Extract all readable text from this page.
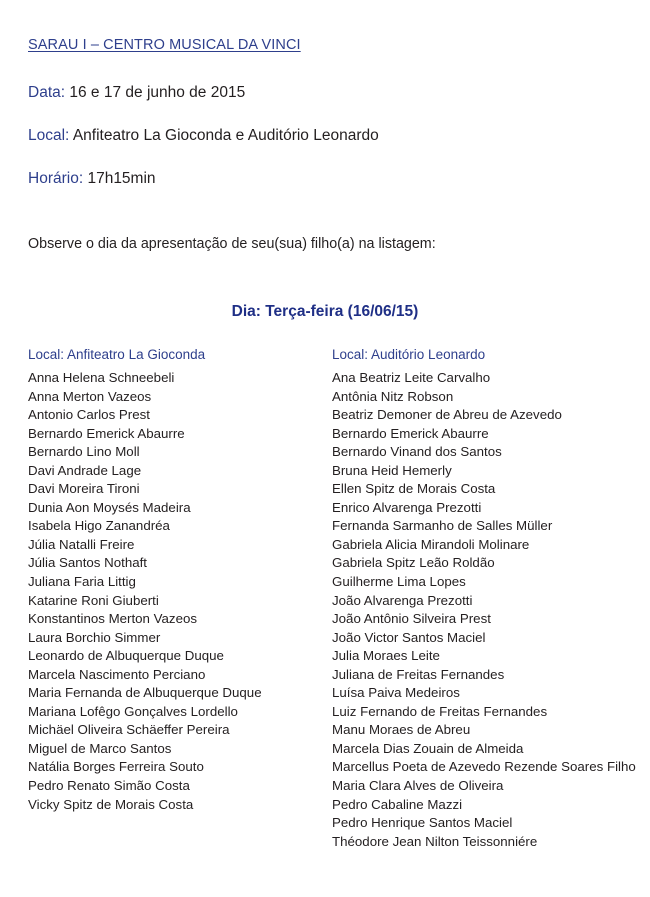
SARAU I – CENTRO MUSICAL DA VINCI
Data: 16 e 17 de junho de 2015
Local: Anfiteatro La Gioconda e Auditório Leonardo
Horário: 17h15min
Observe o dia da apresentação de seu(sua) filho(a) na listagem:
Dia: Terça-feira (16/06/15)
Local: Anfiteatro La Gioconda	Local: Auditório Leonardo
Anna Helena Schneebeli
Anna Merton Vazeos
Antonio Carlos Prest
Bernardo Emerick Abaurre
Bernardo Lino Moll
Davi Andrade Lage
Davi Moreira Tironi
Dunia Aon Moysés Madeira
Isabela Higo Zanandréa
Júlia Natalli Freire
Júlia Santos Nothaft
Juliana Faria Littig
Katarine Roni Giuberti
Konstantinos Merton Vazeos
Laura Borchio Simmer
Leonardo de Albuquerque Duque
Marcela Nascimento Perciano
Maria Fernanda de Albuquerque Duque
Mariana Lofêgo Gonçalves Lordello
Michäel Oliveira Schäeffer Pereira
Miguel de Marco Santos
Natália Borges Ferreira Souto
Pedro Renato Simão Costa
Vicky Spitz de Morais Costa
Ana Beatriz Leite Carvalho
Antônia Nitz Robson
Beatriz Demoner de Abreu de Azevedo
Bernardo Emerick Abaurre
Bernardo Vinand dos Santos
Bruna Heid Hemerly
Ellen Spitz de Morais Costa
Enrico Alvarenga Prezotti
Fernanda Sarmanho de Salles Müller
Gabriela Alicia Mirandoli Molinare
Gabriela Spitz Leão Roldão
Guilherme Lima Lopes
João Alvarenga Prezotti
João Antônio Silveira Prest
João Victor Santos Maciel
Julia Moraes Leite
Juliana de Freitas Fernandes
Luísa Paiva Medeiros
Luiz Fernando de Freitas Fernandes
Manu Moraes de Abreu
Marcela Dias Zouain de Almeida
Marcellus Poeta de Azevedo Rezende Soares Filho
Maria Clara Alves de Oliveira
Pedro Cabaline Mazzi
Pedro Henrique Santos Maciel
Théodore Jean Nilton Teissonniére
